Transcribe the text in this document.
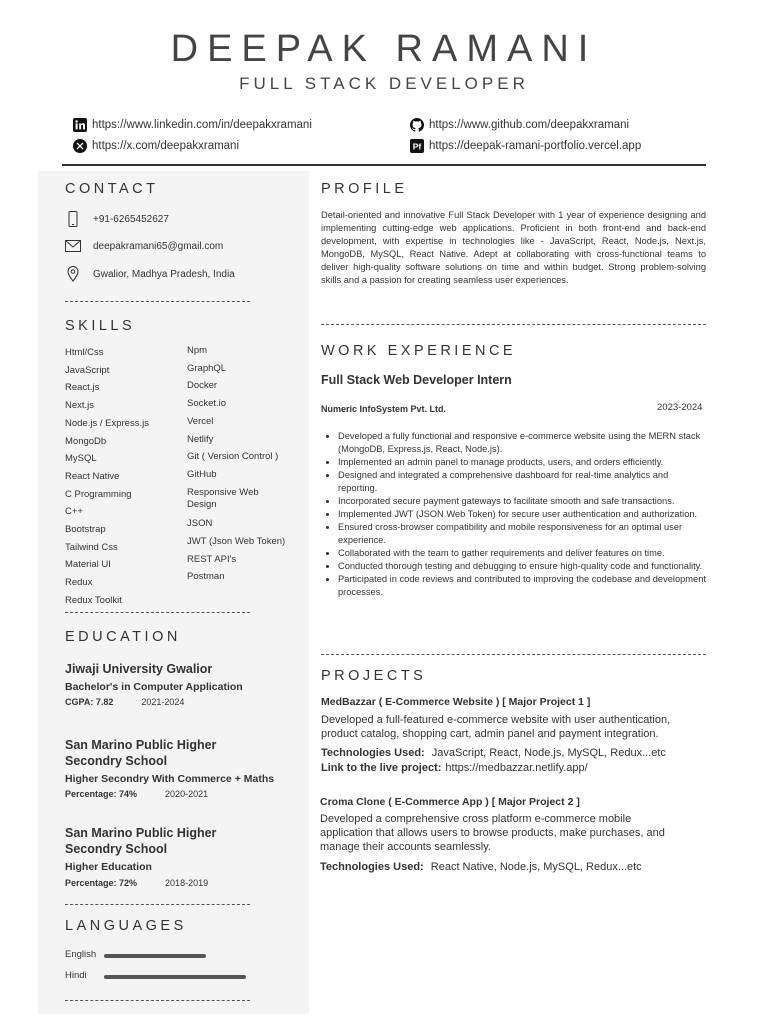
DEEPAK RAMANI
FULL STACK DEVELOPER
https://www.linkedin.com/in/deepakxramani	https://www.github.com/deepakxramani
https://x.com/deepakxramani	Pf https://deepak-ramani-portfolio.vercel.app
CONTACT
+91-6265452627
deepakramani65@gmail.com
Gwalior, Madhya Pradesh, India
SKILLS
EDUCATION
Jiwaji University Gwalior
Bachelor's in Computer Application
CGPA: 7.82	2021-2024
San Marino Public Higher Secondry School
Higher Secondry With Commerce + Maths
Percentage: 74%	2020-2021
San Marino Public Higher Secondry School
Higher Education
Percentage: 72%	2018-2019
LANGUAGES
English
Hindi
Html/Css
JavaScript
React.js
Next.js
Node.js / Express.js
MongoDb
MySQL
React Native
C Programming
C++
Bootstrap
Tailwind Css
Material UI
Redux
Redux Toolkit
Npm
GraphQL
Docker
Socket.io
Vercel
Netlify
Git ( Version Control )
GitHub
Responsive Web
Design
JSON
JWT (Json Web Token)
REST API's
Postman
PROFILE
Detail-oriented and innovative Full Stack Developer with 1 year of experience designing and implementing cutting-edge web applications. Proficient in both front-end and back-end development, with expertise in technologies like - JavaScript, React, Node.js, Next.js, MongoDB, MySQL, React Native. Adept at collaborating with cross-functional teams to deliver high-quality software solutions on time and within budget. Strong problem-solving skills and a passion for creating seamless user experiences.
WORK EXPERIENCE
Full Stack Web Developer Intern
Numeric InfoSystem Pvt. Ltd.	2023-2024
• Developed a fully functional and responsive e-commerce website using the MERN stack (MongoDB, Express.js, React, Node.js).
• Implemented an admin panel to manage products, users, and orders efficiently.
• Designed and integrated a comprehensive dashboard for real-time analytics and reporting.
• Incorporated secure payment gateways to facilitate smooth and safe transactions.
• Implemented JWT (JSON Web Token) for secure user authentication and authorization.
• Ensured cross-browser compatibility and mobile responsiveness for an optimal user experience.
• Collaborated with the team to gather requirements and deliver features on time.
• Conducted thorough testing and debugging to ensure high-quality code and functionality.
• Participated in code reviews and contributed to improving the codebase and development processes.
PROJECTS
MedBazzar ( E-Commerce Website ) [ Major Project 1 ]
Developed a full-featured e-commerce website with user authentication, product catalog, shopping cart, admin panel and payment integration.
Technologies Used: JavaScript, React, Node.js, MySQL, Redux...etc
Link to the live project: https://medbazzar.netlify.app/
Croma Clone ( E-Commerce App ) [ Major Project 2 ]
Developed a comprehensive cross platform e-commerce mobile application that allows users to browse products, make purchases, and manage their accounts seamlessly.
Technologies Used: React Native, Node.js, MySQL, Redux...etc
